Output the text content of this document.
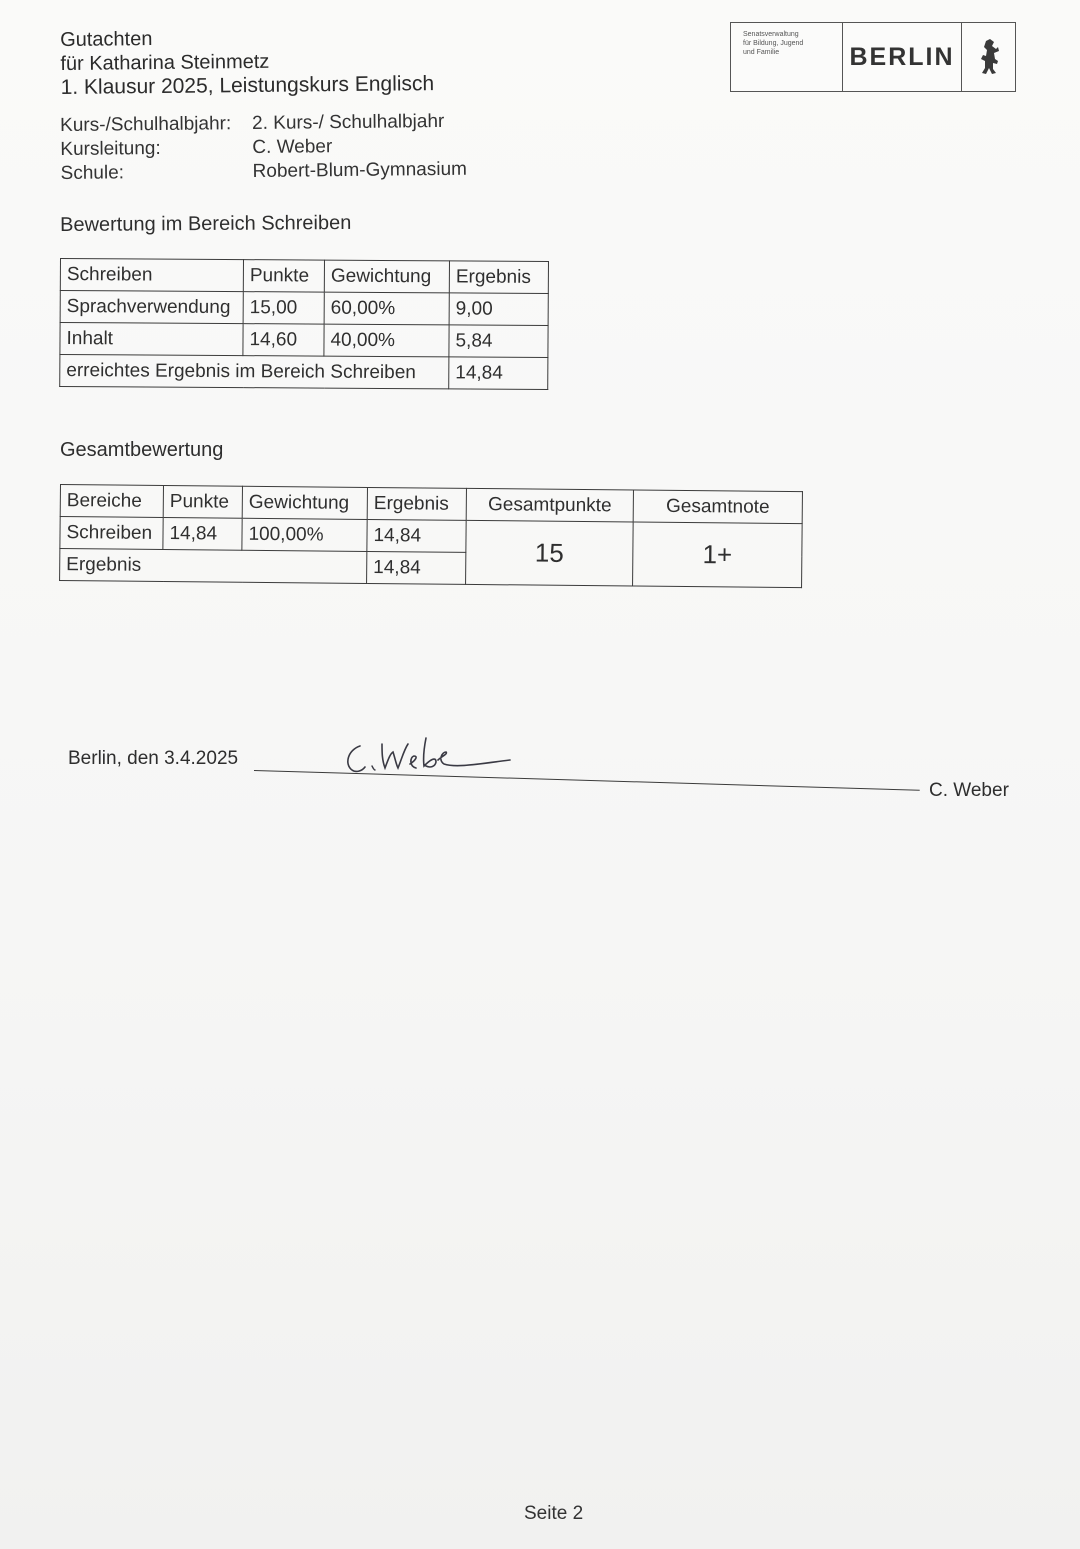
Gutachten
für Katharina Steinmetz
1. Klausur 2025, Leistungskurs Englisch
Kurs-/Schulhalbjahr:	2. Kurs-/ Schulhalbjahr
Kursleitung:	C. Weber
Schule:	Robert-Blum-Gymnasium
Senatsverwaltung
für Bildung, Jugend
und Familie	BERLIN
Bewertung im Bereich Schreiben
Schreiben	Punkte	Gewichtung	Ergebnis
Sprachverwendung	15,00	60,00%	9,00
Inhalt	14,60	40,00%	5,84
erreichtes Ergebnis im Bereich Schreiben			14,84
Gesamtbewertung
Bereiche	Punkte	Gewichtung	Ergebnis	Gesamtpunkte	Gesamtnote
Schreiben	14,84	100,00%	14,84	15	1+
Ergebnis			14,84		
Berlin, den 3.4.2025
C. Weber
Seite 2
